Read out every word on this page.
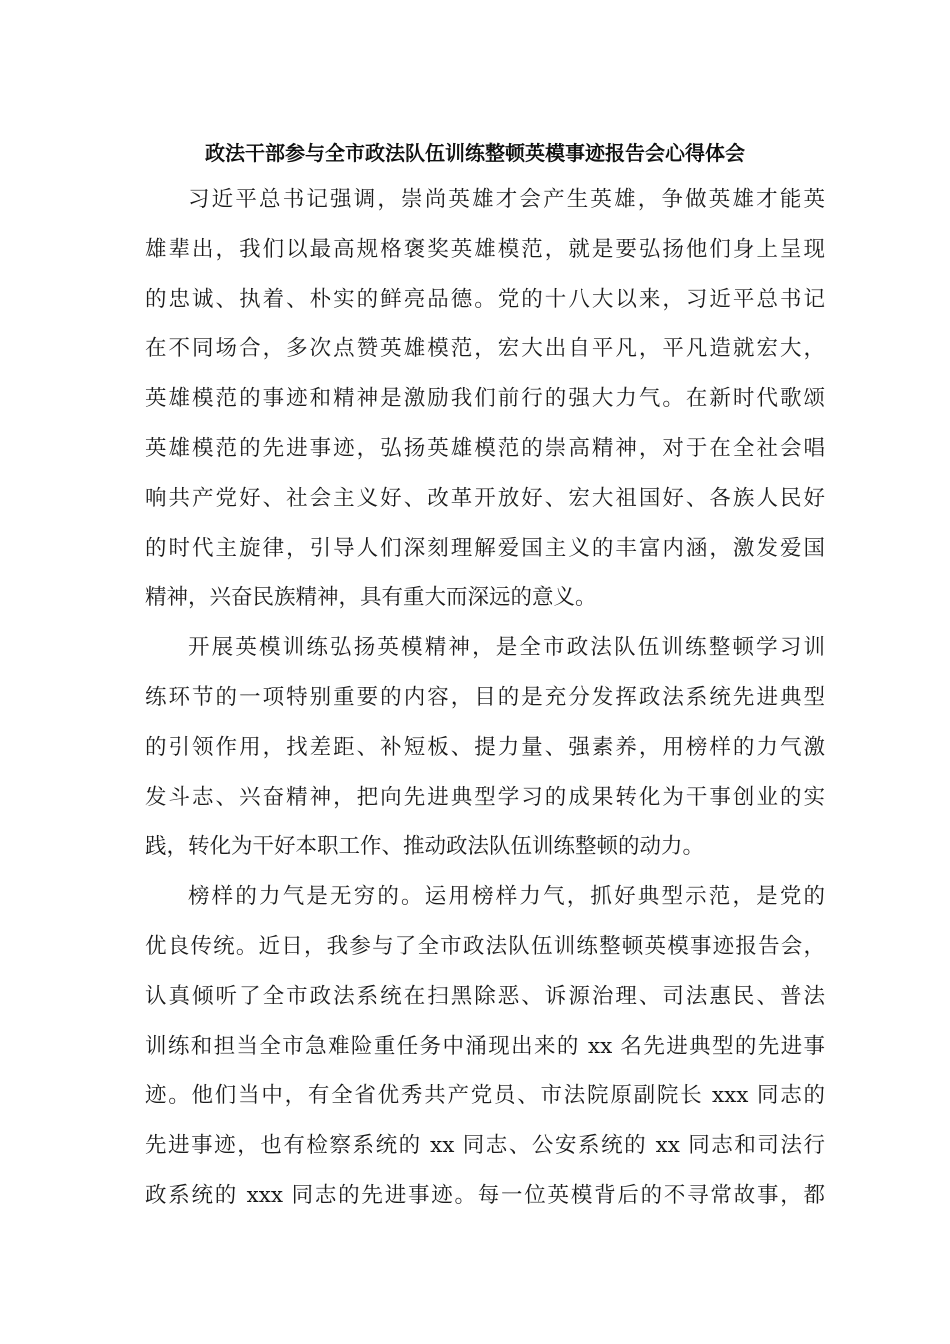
政法干部参与全市政法队伍训练整顿英模事迹报告会心得体会
习近平总书记强调，崇尚英雄才会产生英雄，争做英雄才能英
雄辈出，我们以最高规格褒奖英雄模范，就是要弘扬他们身上呈现
的忠诚、执着、朴实的鲜亮品德。党的十八大以来，习近平总书记
在不同场合，多次点赞英雄模范，宏大出自平凡，平凡造就宏大，
英雄模范的事迹和精神是激励我们前行的强大力气。在新时代歌颂
英雄模范的先进事迹，弘扬英雄模范的崇高精神，对于在全社会唱
响共产党好、社会主义好、改革开放好、宏大祖国好、各族人民好
的时代主旋律，引导人们深刻理解爱国主义的丰富内涵，激发爱国
精神，兴奋民族精神，具有重大而深远的意义。
开展英模训练弘扬英模精神，是全市政法队伍训练整顿学习训
练环节的一项特别重要的内容，目的是充分发挥政法系统先进典型
的引领作用，找差距、补短板、提力量、强素养，用榜样的力气激
发斗志、兴奋精神，把向先进典型学习的成果转化为干事创业的实
践，转化为干好本职工作、推动政法队伍训练整顿的动力。
榜样的力气是无穷的。运用榜样力气，抓好典型示范，是党的
优良传统。近日，我参与了全市政法队伍训练整顿英模事迹报告会，
认真倾听了全市政法系统在扫黑除恶、诉源治理、司法惠民、普法
训练和担当全市急难险重任务中涌现出来的 xx 名先进典型的先进事
迹。他们当中，有全省优秀共产党员、市法院原副院长 xxx 同志的
先进事迹，也有检察系统的 xx 同志、公安系统的 xx 同志和司法行
政系统的 xxx 同志的先进事迹。每一位英模背后的不寻常故事，都
